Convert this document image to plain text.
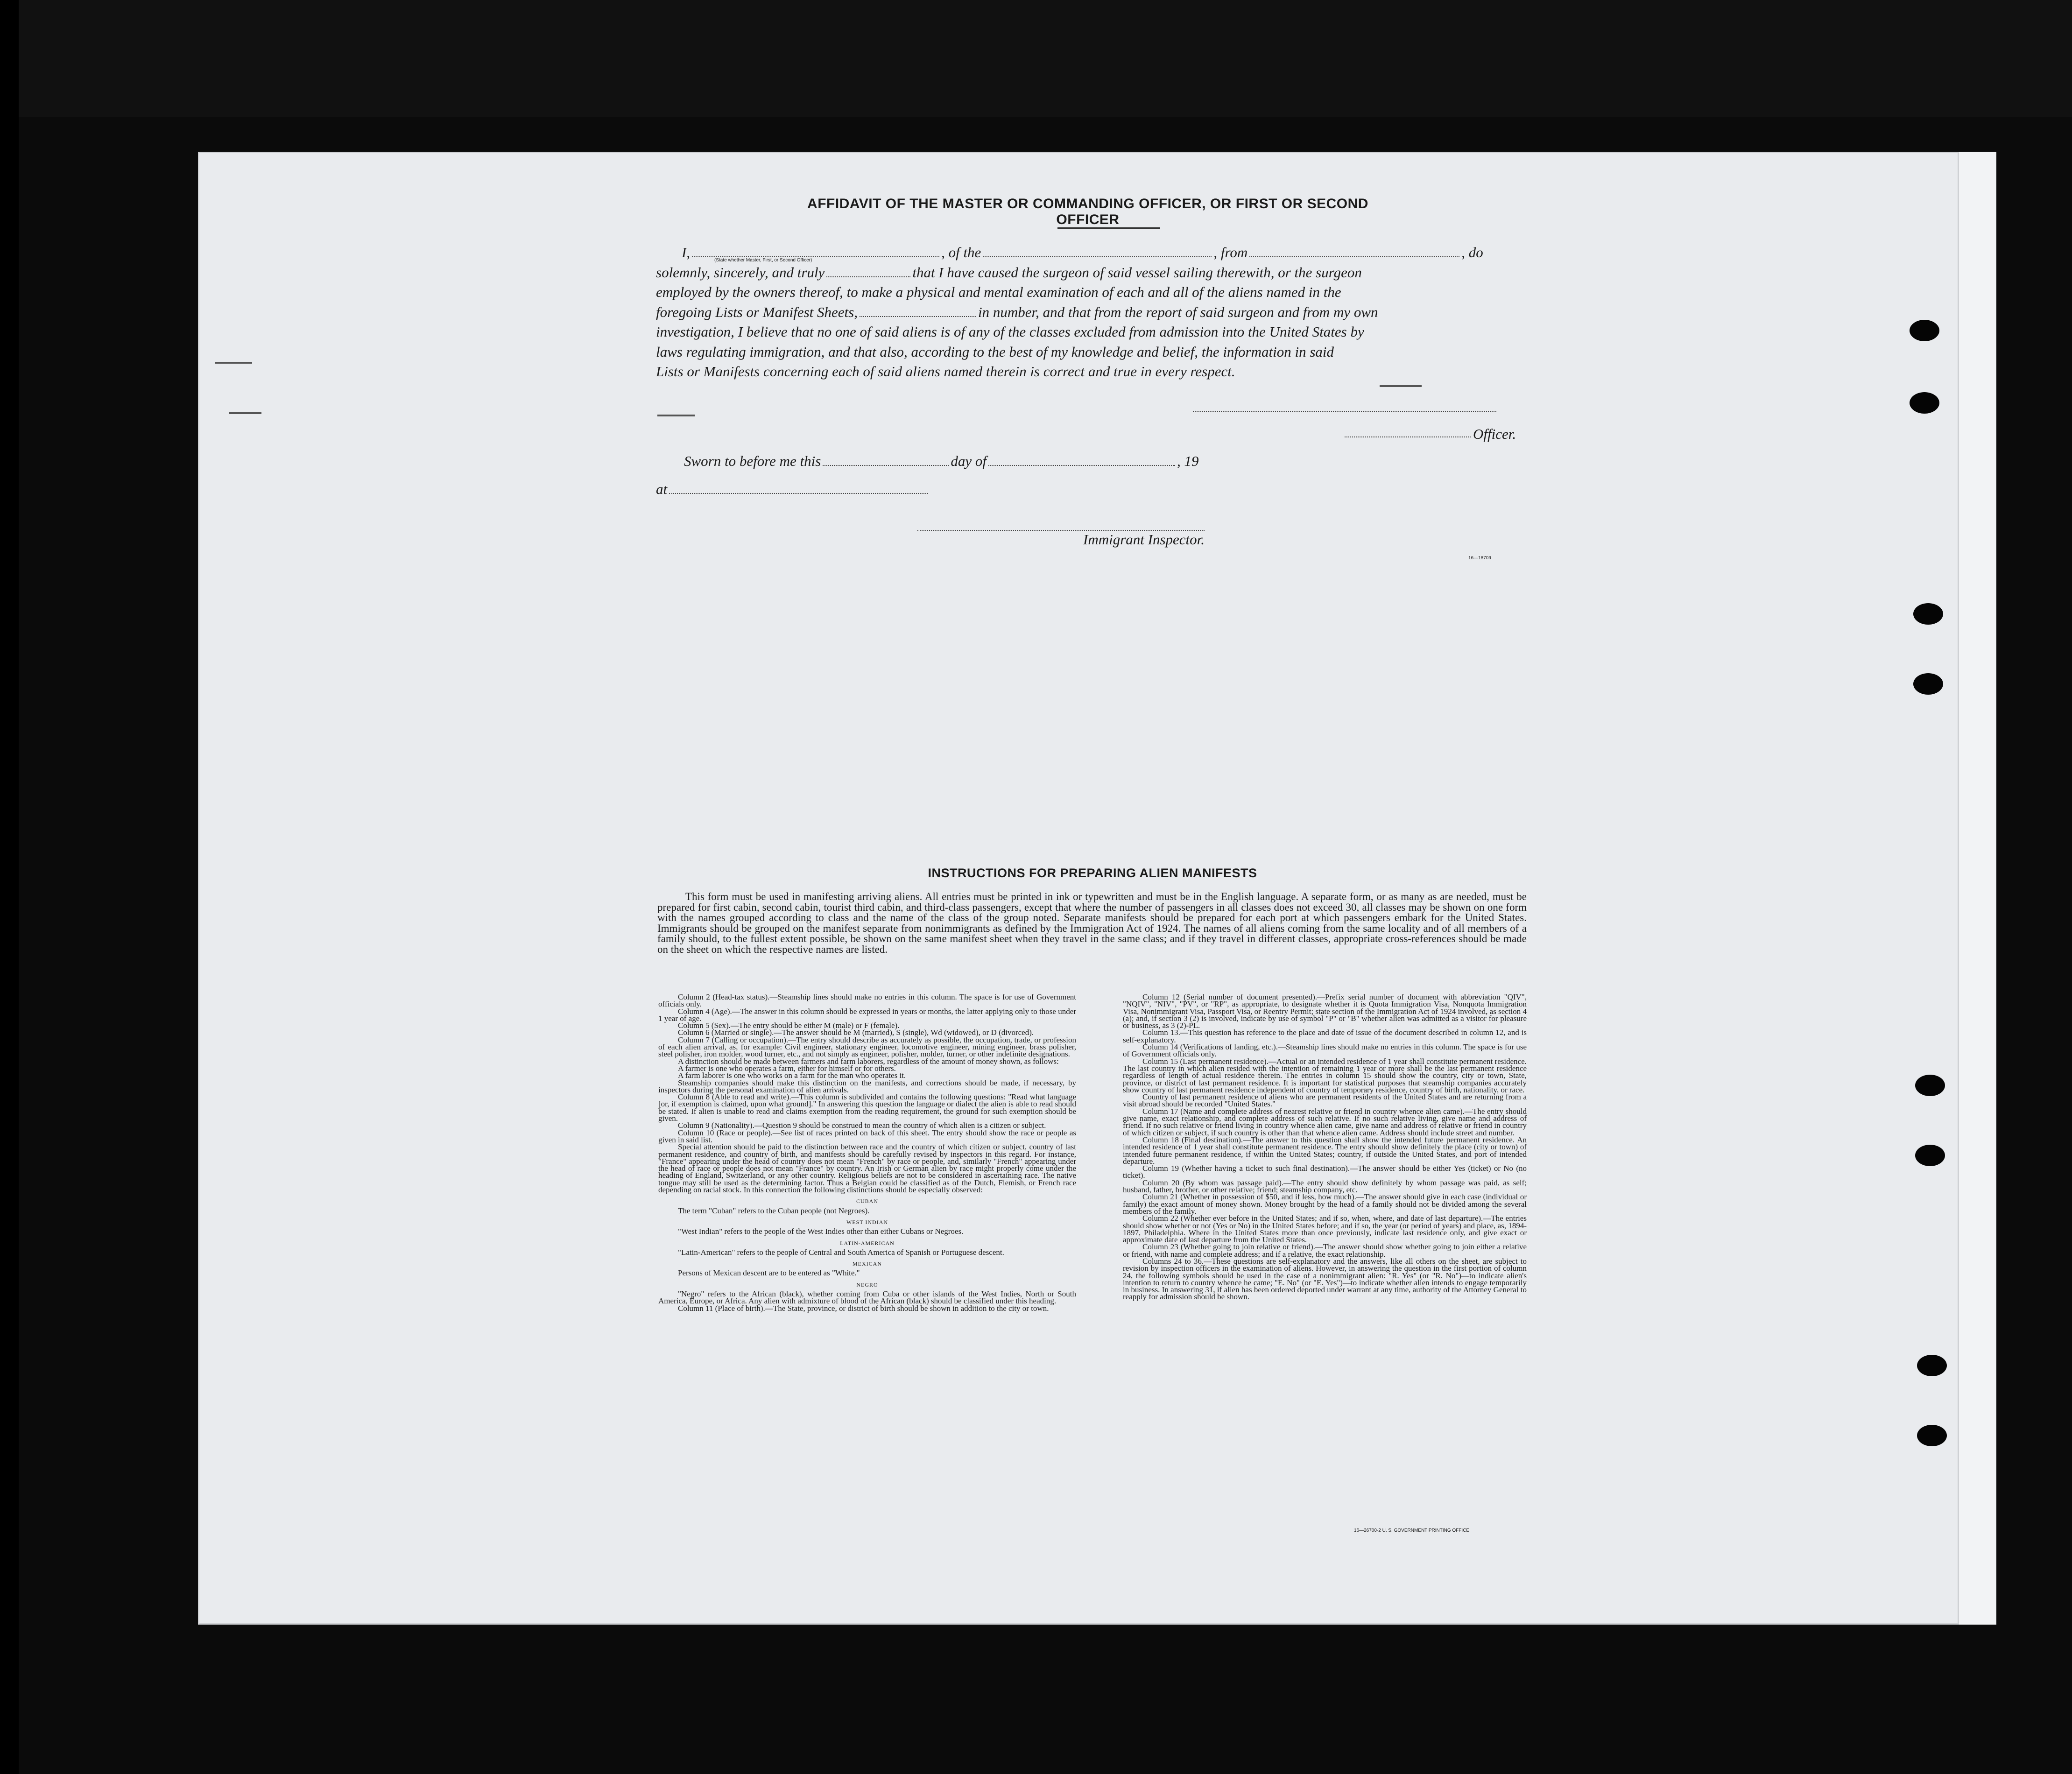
AFFIDAVIT OF THE MASTER OR COMMANDING OFFICER, OR FIRST OR SECOND OFFICER
I,	, of the	, from	, do
solemnly, sincerely, and truly	that I have caused the surgeon of said vessel sailing therewith, or the surgeon
employed by the owners thereof, to make a physical and mental examination of each and all of the aliens named in the
foregoing Lists or Manifest Sheets,	in number, and that from the report of said surgeon and from my own
investigation, I believe that no one of said aliens is of any of the classes excluded from admission into the United States by
laws regulating immigration, and that also, according to the best of my knowledge and belief, the information in said
Lists or Manifests concerning each of said aliens named therein is correct and true in every respect.
(State whether Master, First, or Second Officer)
Officer.
Sworn to before me this	day of	, 19
at
Immigrant Inspector.
16—18709
INSTRUCTIONS FOR PREPARING ALIEN MANIFESTS
This form must be used in manifesting arriving aliens. All entries must be printed in ink or typewritten and must be in the English language. A separate form, or as many as are needed, must be prepared for first cabin, second cabin, tourist third cabin, and third-class passengers, except that where the number of passengers in all classes does not exceed 30, all classes may be shown on one form with the names grouped according to class and the name of the class of the group noted. Separate manifests should be prepared for each port at which passengers embark for the United States. Immigrants should be grouped on the manifest separate from nonimmigrants as defined by the Immigration Act of 1924. The names of all aliens coming from the same locality and of all members of a family should, to the fullest extent possible, be shown on the same manifest sheet when they travel in the same class; and if they travel in different classes, appropriate cross-references should be made on the sheet on which the respective names are listed.

Column 2 (Head-tax status).—Steamship lines should make no entries in this column. The space is for use of Government officials only.

Column 4 (Age).—The answer in this column should be expressed in years or months, the latter applying only to those under 1 year of age.

Column 5 (Sex).—The entry should be either M (male) or F (female).

Column 6 (Married or single).—The answer should be M (married), S (single), Wd (widowed), or D (divorced).

Column 7 (Calling or occupation).—The entry should describe as accurately as possible, the occupation, trade, or profession of each alien arrival, as, for example: Civil engineer, stationary engineer, locomotive engineer, mining engineer, brass polisher, steel polisher, iron molder, wood turner, etc., and not simply as engineer, polisher, molder, turner, or other indefinite designations.

A distinction should be made between farmers and farm laborers, regardless of the amount of money shown, as follows:

A farmer is one who operates a farm, either for himself or for others.

A farm laborer is one who works on a farm for the man who operates it.

Steamship companies should make this distinction on the manifests, and corrections should be made, if necessary, by inspectors during the personal examination of alien arrivals.

Column 8 (Able to read and write).—This column is subdivided and contains the following questions: "Read what language [or, if exemption is claimed, upon what ground]." In answering this question the language or dialect the alien is able to read should be stated. If alien is unable to read and claims exemption from the reading requirement, the ground for such exemption should be given.

Column 9 (Nationality).—Question 9 should be construed to mean the country of which alien is a citizen or subject.

Column 10 (Race or people).—See list of races printed on back of this sheet. The entry should show the race or people as given in said list.

Special attention should be paid to the distinction between race and the country of which citizen or subject, country of last permanent residence, and country of birth, and manifests should be carefully revised by inspectors in this regard. For instance, "France" appearing under the head of country does not mean "French" by race or people, and, similarly "French" appearing under the head of race or people does not mean "France" by country. An Irish or German alien by race might properly come under the heading of England, Switzerland, or any other country. Religious beliefs are not to be considered in ascertaining race. The native tongue may still be used as the determining factor. Thus a Belgian could be classified as of the Dutch, Flemish, or French race depending on racial stock. In this connection the following distinctions should be especially observed:

CUBAN

The term "Cuban" refers to the Cuban people (not Negroes).

WEST INDIAN

"West Indian" refers to the people of the West Indies other than either Cubans or Negroes.

LATIN-AMERICAN

"Latin-American" refers to the people of Central and South America of Spanish or Portuguese descent.

MEXICAN

Persons of Mexican descent are to be entered as "White."

NEGRO

"Negro" refers to the African (black), whether coming from Cuba or other islands of the West Indies, North or South America, Europe, or Africa. Any alien with admixture of blood of the African (black) should be classified under this heading.

Column 11 (Place of birth).—The State, province, or district of birth should be shown in addition to the city or town.

Column 12 (Serial number of document presented).—Prefix serial number of document with abbreviation "QIV", "NQIV", "NIV", "PV", or "RP", as appropriate, to designate whether it is Quota Immigration Visa, Nonquota Immigration Visa, Nonimmigrant Visa, Passport Visa, or Reentry Permit; state section of the Immigration Act of 1924 involved, as section 4 (a); and, if section 3 (2) is involved, indicate by use of symbol "P" or "B" whether alien was admitted as a visitor for pleasure or business, as 3 (2)-PL.

Column 13.—This question has reference to the place and date of issue of the document described in column 12, and is self-explanatory.

Column 14 (Verifications of landing, etc.).—Steamship lines should make no entries in this column. The space is for use of Government officials only.

Column 15 (Last permanent residence).—Actual or an intended residence of 1 year shall constitute permanent residence. The last country in which alien resided with the intention of remaining 1 year or more shall be the last permanent residence regardless of length of actual residence therein. The entries in column 15 should show the country, city or town, State, province, or district of last permanent residence. It is important for statistical purposes that steamship companies accurately show country of last permanent residence independent of country of temporary residence, country of birth, nationality, or race.

Country of last permanent residence of aliens who are permanent residents of the United States and are returning from a visit abroad should be recorded "United States."

Column 17 (Name and complete address of nearest relative or friend in country whence alien came).—The entry should give name, exact relationship, and complete address of such relative. If no such relative living, give name and address of friend. If no such relative or friend living in country whence alien came, give name and address of relative or friend in country of which citizen or subject, if such country is other than that whence alien came. Address should include street and number.

Column 18 (Final destination).—The answer to this question shall show the intended future permanent residence. An intended residence of 1 year shall constitute permanent residence. The entry should show definitely the place (city or town) of intended future permanent residence, if within the United States; country, if outside the United States, and port of intended departure.

Column 19 (Whether having a ticket to such final destination).—The answer should be either Yes (ticket) or No (no ticket).

Column 20 (By whom was passage paid).—The entry should show definitely by whom passage was paid, as self; husband, father, brother, or other relative; friend; steamship company, etc.

Column 21 (Whether in possession of $50, and if less, how much).—The answer should give in each case (individual or family) the exact amount of money shown. Money brought by the head of a family should not be divided among the several members of the family.

Column 22 (Whether ever before in the United States; and if so, when, where, and date of last departure).—The entries should show whether or not (Yes or No) in the United States before; and if so, the year (or period of years) and place, as, 1894-1897, Philadelphia. Where in the United States more than once previously, indicate last residence only, and give exact or approximate date of last departure from the United States.

Column 23 (Whether going to join relative or friend).—The answer should show whether going to join either a relative or friend, with name and complete address; and if a relative, the exact relationship.

Columns 24 to 36.—These questions are self-explanatory and the answers, like all others on the sheet, are subject to revision by inspection officers in the examination of aliens. However, in answering the question in the first portion of column 24, the following symbols should be used in the case of a nonimmigrant alien: "R. Yes" (or "R. No")—to indicate alien's intention to return to country whence he came; "E. No" (or "E. Yes")—to indicate whether alien intends to engage temporarily in business. In answering 31, if alien has been ordered deported under warrant at any time, authority of the Attorney General to reapply for admission should be shown.

16—26700-2 U. S. GOVERNMENT PRINTING OFFICE
